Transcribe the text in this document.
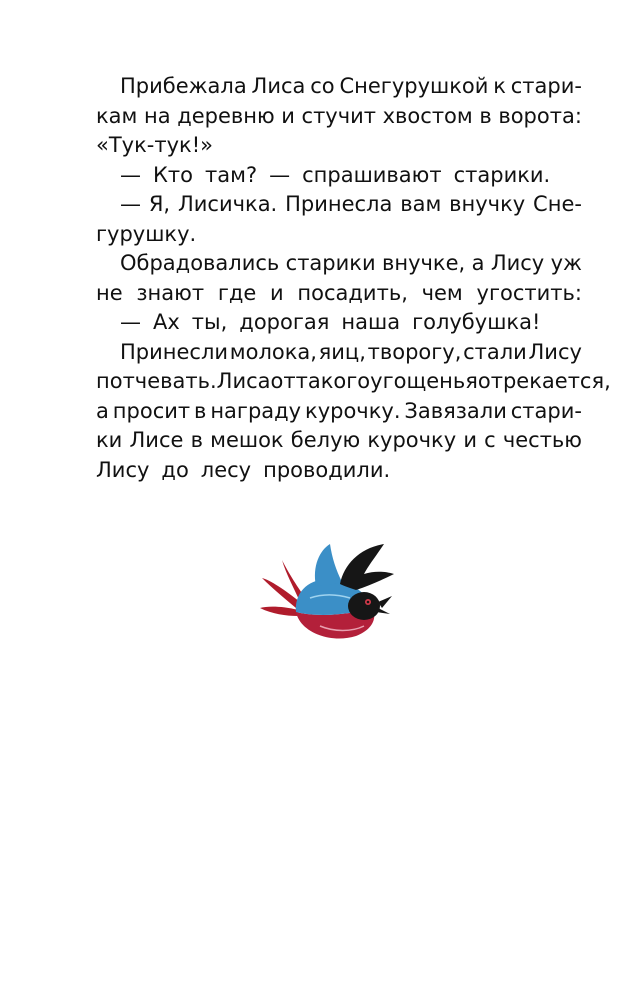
Прибежала Лиса со Снегурушкой к стари-
кам на деревню и стучит хвостом в ворота:
«Тук-тук!»
— Кто там? — спрашивают старики.
— Я, Лисичка. Принесла вам внучку Сне-
гурушку.
Обрадовались старики внучке, а Лису уж
не знают где и посадить, чем угостить:
— Ах ты, дорогая наша голубушка!
Принесли молока, яиц, творогу, стали Лису
потчевать. Лиса от такого угощенья отрекается,
а просит в награду курочку. Завязали стари-
ки Лисе в мешок белую курочку и с честью
Лису до лесу проводили.
